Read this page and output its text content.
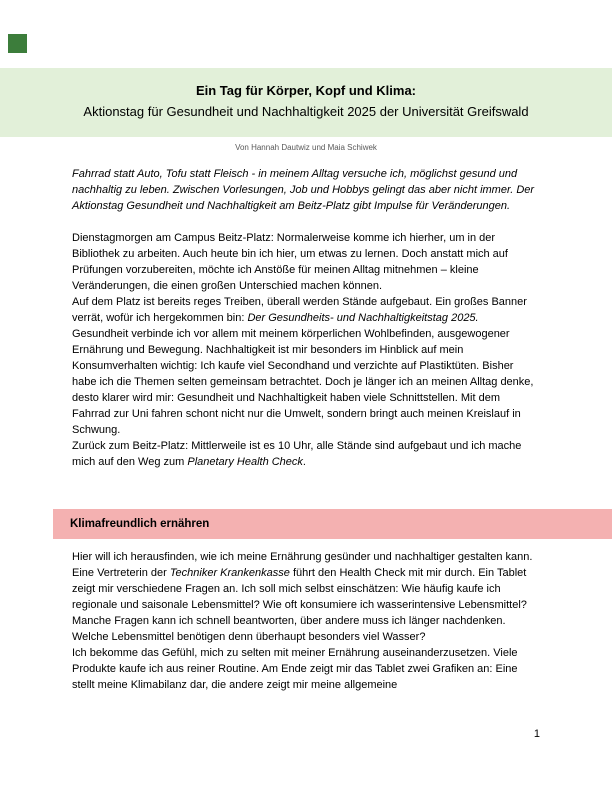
Ein Tag für Körper, Kopf und Klima:
Aktionstag für Gesundheit und Nachhaltigkeit 2025 der Universität Greifswald
Von Hannah Dautwiz und Maia Schiwek

Fahrrad statt Auto, Tofu statt Fleisch - in meinem Alltag versuche ich, möglichst gesund und nachhaltig zu leben. Zwischen Vorlesungen, Job und Hobbys gelingt das aber nicht immer. Der Aktionstag Gesundheit und Nachhaltigkeit am Beitz-Platz gibt Impulse für Veränderungen.

Dienstagmorgen am Campus Beitz-Platz: Normalerweise komme ich hierher, um in der Bibliothek zu arbeiten. Auch heute bin ich hier, um etwas zu lernen. Doch anstatt mich auf Prüfungen vorzubereiten, möchte ich Anstöße für meinen Alltag mitnehmen – kleine Veränderungen, die einen großen Unterschied machen können.

Auf dem Platz ist bereits reges Treiben, überall werden Stände aufgebaut. Ein großes Banner verrät, wofür ich hergekommen bin: Der Gesundheits- und Nachhaltigkeitstag 2025.

Gesundheit verbinde ich vor allem mit meinem körperlichen Wohlbefinden, ausgewogener Ernährung und Bewegung. Nachhaltigkeit ist mir besonders im Hinblick auf mein Konsumverhalten wichtig: Ich kaufe viel Secondhand und verzichte auf Plastiktüten. Bisher habe ich die Themen selten gemeinsam betrachtet. Doch je länger ich an meinen Alltag denke, desto klarer wird mir: Gesundheit und Nachhaltigkeit haben viele Schnittstellen. Mit dem Fahrrad zur Uni fahren schont nicht nur die Umwelt, sondern bringt auch meinen Kreislauf in Schwung.

Zurück zum Beitz-Platz: Mittlerweile ist es 10 Uhr, alle Stände sind aufgebaut und ich mache mich auf den Weg zum Planetary Health Check.

Klimafreundlich ernähren

Hier will ich herausfinden, wie ich meine Ernährung gesünder und nachhaltiger gestalten kann. Eine Vertreterin der Techniker Krankenkasse führt den Health Check mit mir durch. Ein Tablet zeigt mir verschiedene Fragen an. Ich soll mich selbst einschätzen: Wie häufig kaufe ich regionale und saisonale Lebensmittel? Wie oft konsumiere ich wasserintensive Lebensmittel? Manche Fragen kann ich schnell beantworten, über andere muss ich länger nachdenken. Welche Lebensmittel benötigen denn überhaupt besonders viel Wasser?

Ich bekomme das Gefühl, mich zu selten mit meiner Ernährung auseinanderzusetzen. Viele Produkte kaufe ich aus reiner Routine. Am Ende zeigt mir das Tablet zwei Grafiken an: Eine stellt meine Klimabilanz dar, die andere zeigt mir meine allgemeine

1
